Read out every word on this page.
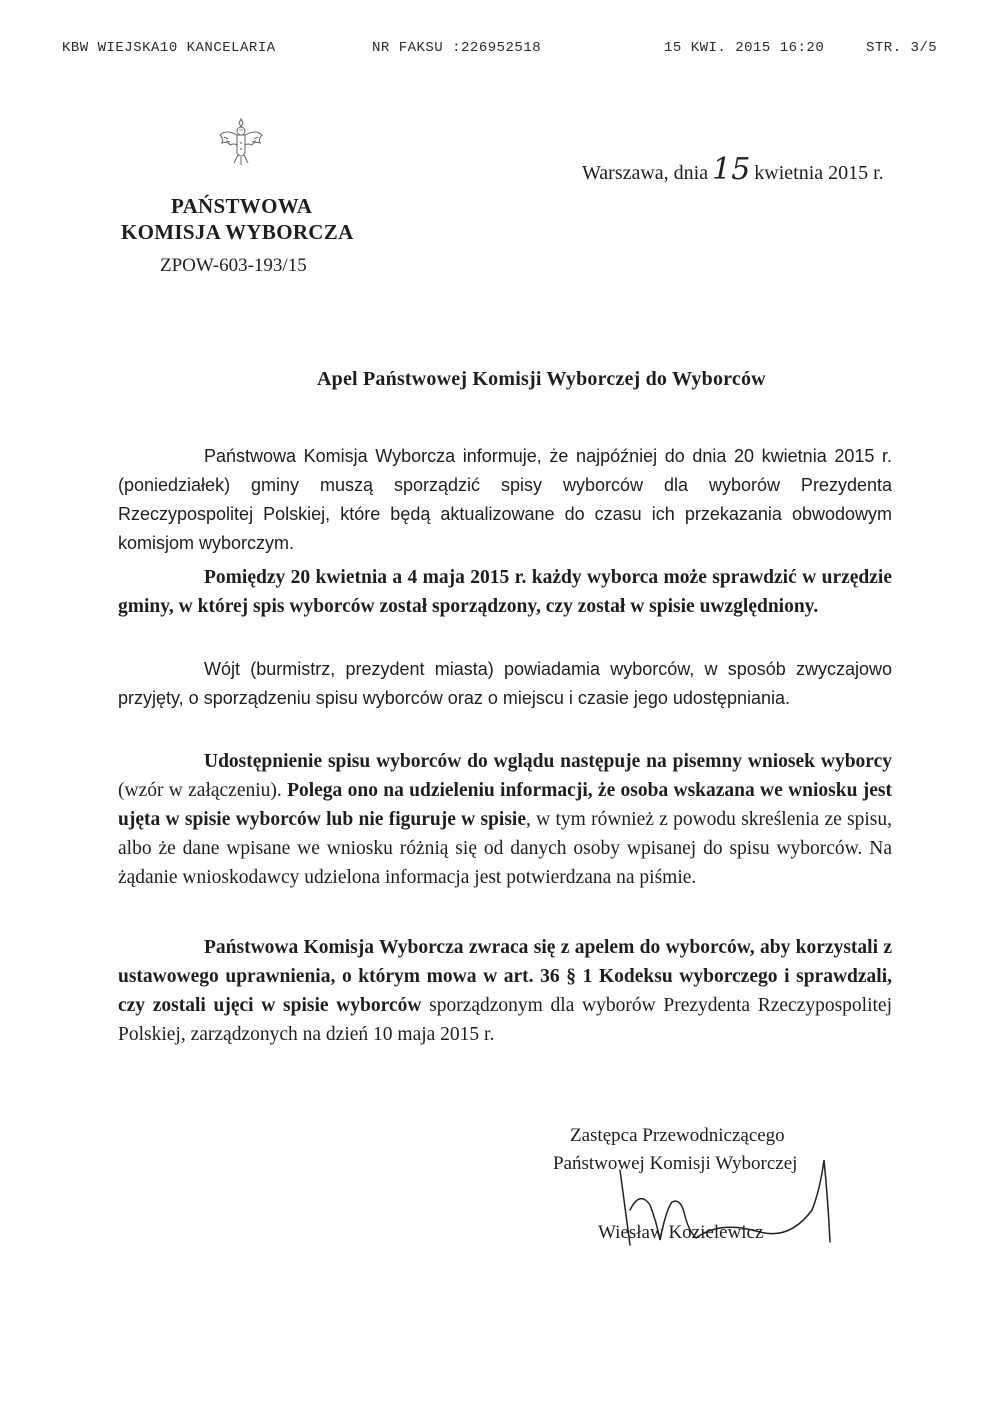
KBW WIEJSKA10 KANCELARIA	NR FAKSU :226952518	15 KWI. 2015 16:20	STR. 3/5
Warszawa, dnia 15 kwietnia 2015 r.
PAŃSTWOWA
KOMISJA WYBORCZA
ZPOW-603-193/15
Apel Państwowej Komisji Wyborczej do Wyborców

Państwowa Komisja Wyborcza informuje, że najpóźniej do dnia 20 kwietnia 2015 r. (poniedziałek) gminy muszą sporządzić spisy wyborców dla wyborów Prezydenta Rzeczypospolitej Polskiej, które będą aktualizowane do czasu ich przekazania obwodowym komisjom wyborczym.

Pomiędzy 20 kwietnia a 4 maja 2015 r. każdy wyborca może sprawdzić w urzędzie gminy, w której spis wyborców został sporządzony, czy został w spisie uwzględniony.

Wójt (burmistrz, prezydent miasta) powiadamia wyborców, w sposób zwyczajowo przyjęty, o sporządzeniu spisu wyborców oraz o miejscu i czasie jego udostępniania.

Udostępnienie spisu wyborców do wglądu następuje na pisemny wniosek wyborcy (wzór w załączeniu). Polega ono na udzieleniu informacji, że osoba wskazana we wniosku jest ujęta w spisie wyborców lub nie figuruje w spisie, w tym również z powodu skreślenia ze spisu, albo że dane wpisane we wniosku różnią się od danych osoby wpisanej do spisu wyborców. Na żądanie wnioskodawcy udzielona informacja jest potwierdzana na piśmie.

Państwowa Komisja Wyborcza zwraca się z apelem do wyborców, aby korzystali z ustawowego uprawnienia, o którym mowa w art. 36 § 1 Kodeksu wyborczego i sprawdzali, czy zostali ujęci w spisie wyborców sporządzonym dla wyborów Prezydenta Rzeczypospolitej Polskiej, zarządzonych na dzień 10 maja 2015 r.

Zastępca Przewodniczącego
Państwowej Komisji Wyborczej
Wiesław Kozielewicz
